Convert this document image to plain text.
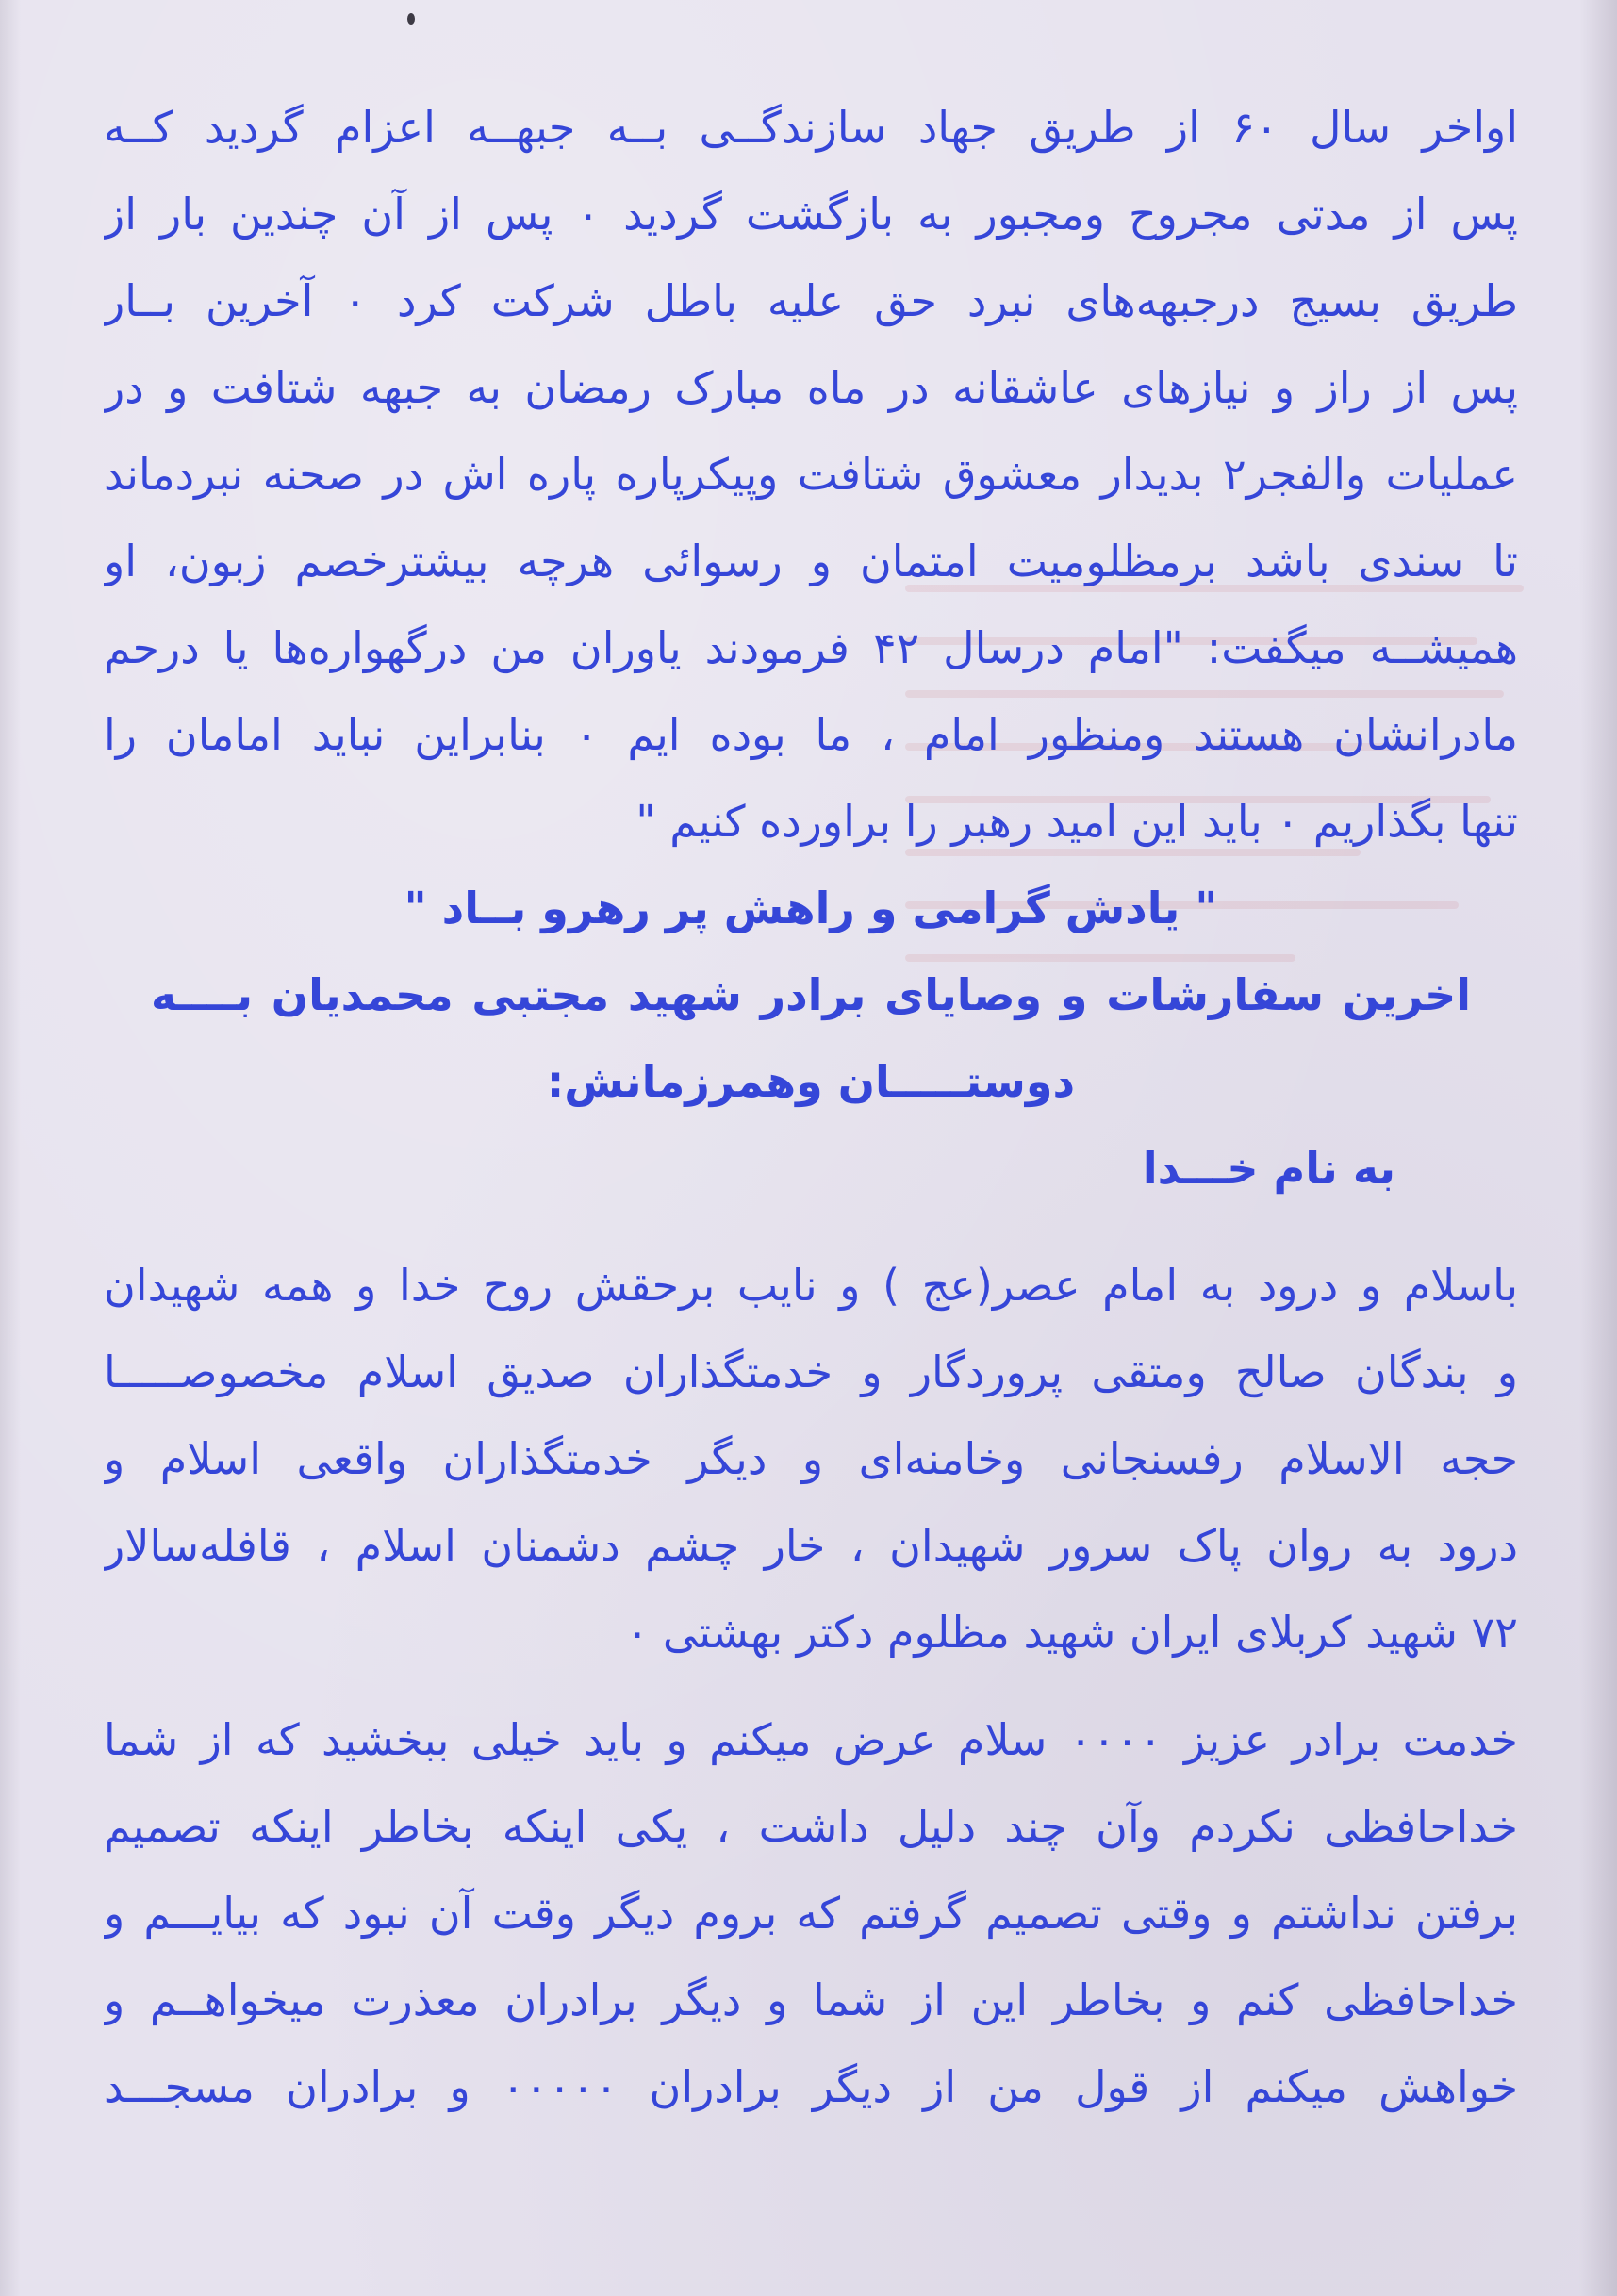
اواخر سال ۶۰ از طریق جهاد سازندگــی بــه جبهــه اعزام گردید کــه
پس از مدتی مجروح ومجبور به بازگشت گردید ۰ پس از آن چندین بار از
طریق بسیج درجبهه‌های نبرد حق علیه باطل شرکت کرد ۰ آخرین بــار
پس از راز و نیازهای عاشقانه در ماه مبارک رمضان به جبهه شتافت و در
عملیات والفجر۲ بدیدار معشوق شتافت وپیکرپاره پاره اش در صحنه نبردماند
تا سندی باشد برمظلومیت‌ امتمان و رسوائی هرچه بیشترخصم زبون، او
همیشــه میگفت: "امام درسال ۴۲ فرمودند یاوران من درگهواره‌ها یا درحم
مادرانشان هستند ومنظور امام ، ما بوده ایم ۰ بنابراین نباید امامان را
تنها بگذاریم ۰ باید این امید رهبر را براورده کنیم "
" یادش گرامی و راهش پر رهرو بــاد "
اخرین سفارشات و وصایای برادر شهید مجتبی محمدیان بــــه
دوستـــــان وهمرزمانش:
به نام خـــدا
باسلام و درود به امام عصر(عج ) و نایب برحقش روح خدا و همه شهیدان
و بندگان صالح ومتقی پروردگار و خدمتگذاران صدیق اسلام مخصوصـــــا
حجه الاسلام رفسنجانی وخامنه‌ای و دیگر خدمتگذاران واقعی اسلام و
درود به روان پاک سرور شهیدان ، خار چشم دشمنان اسلام ، قافله‌سالار
۷۲ شهید کربلای ایران شهید مظلوم دکتر بهشتی ۰
خدمت برادر عزیز ۰۰۰۰ سلام عرض میکنم و باید خیلی ببخشید که از شما
خداحافظی نکردم وآن چند دلیل داشت ، یکی اینکه بخاطر اینکه تصمیم
برفتن نداشتم و وقتی تصمیم گرفتم که بروم دیگر وقت آن نبود که بیایـــم و
خداحافظی کنم و بخاطر این از شما و دیگر برادران معذرت میخواهــم و
خواهش میکنم از قول من از دیگر برادران ۰۰۰۰۰ و برادران مسجـــد
